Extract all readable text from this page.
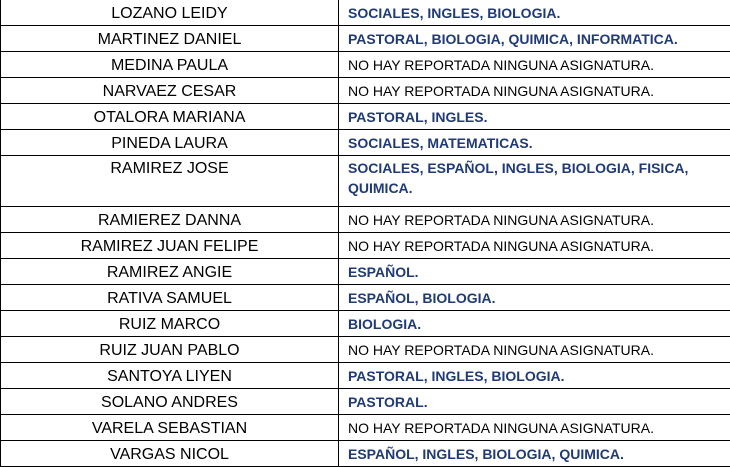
LOZANO LEIDY	SOCIALES, INGLES, BIOLOGIA.
MARTINEZ DANIEL	PASTORAL, BIOLOGIA, QUIMICA, INFORMATICA.
MEDINA PAULA	NO HAY REPORTADA NINGUNA ASIGNATURA.
NARVAEZ CESAR	NO HAY REPORTADA NINGUNA ASIGNATURA.
OTALORA MARIANA	PASTORAL, INGLES.
PINEDA LAURA	SOCIALES, MATEMATICAS.
RAMIREZ JOSE	SOCIALES, ESPAÑOL, INGLES, BIOLOGIA, FISICA, QUIMICA.
RAMIEREZ DANNA	NO HAY REPORTADA NINGUNA ASIGNATURA.
RAMIREZ JUAN FELIPE	NO HAY REPORTADA NINGUNA ASIGNATURA.
RAMIREZ ANGIE	ESPAÑOL.
RATIVA SAMUEL	ESPAÑOL, BIOLOGIA.
RUIZ MARCO	BIOLOGIA.
RUIZ JUAN PABLO	NO HAY REPORTADA NINGUNA ASIGNATURA.
SANTOYA LIYEN	PASTORAL, INGLES, BIOLOGIA.
SOLANO ANDRES	PASTORAL.
VARELA SEBASTIAN	NO HAY REPORTADA NINGUNA ASIGNATURA.
VARGAS NICOL	ESPAÑOL, INGLES, BIOLOGIA, QUIMICA.
